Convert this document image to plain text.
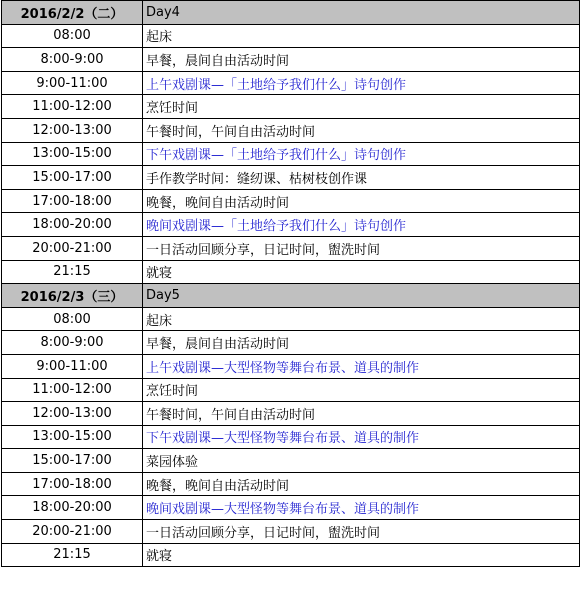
2016/2/2（二）	Day4
08:00	起床
8:00-9:00	早餐，晨间自由活动时间
9:00-11:00	上午戏剧课—「土地给予我们什么」诗句创作
11:00-12:00	烹饪时间
12:00-13:00	午餐时间，午间自由活动时间
13:00-15:00	下午戏剧课—「土地给予我们什么」诗句创作
15:00-17:00	手作教学时间：缝纫课、枯树枝创作课
17:00-18:00	晚餐，晚间自由活动时间
18:00-20:00	晚间戏剧课—「土地给予我们什么」诗句创作
20:00-21:00	一日活动回顾分享，日记时间，盥洗时间
21:15	就寝
2016/2/3（三）	Day5
08:00	起床
8:00-9:00	早餐，晨间自由活动时间
9:00-11:00	上午戏剧课—大型怪物等舞台布景、道具的制作
11:00-12:00	烹饪时间
12:00-13:00	午餐时间，午间自由活动时间
13:00-15:00	下午戏剧课—大型怪物等舞台布景、道具的制作
15:00-17:00	菜园体验
17:00-18:00	晚餐，晚间自由活动时间
18:00-20:00	晚间戏剧课—大型怪物等舞台布景、道具的制作
20:00-21:00	一日活动回顾分享，日记时间，盥洗时间
21:15	就寝
